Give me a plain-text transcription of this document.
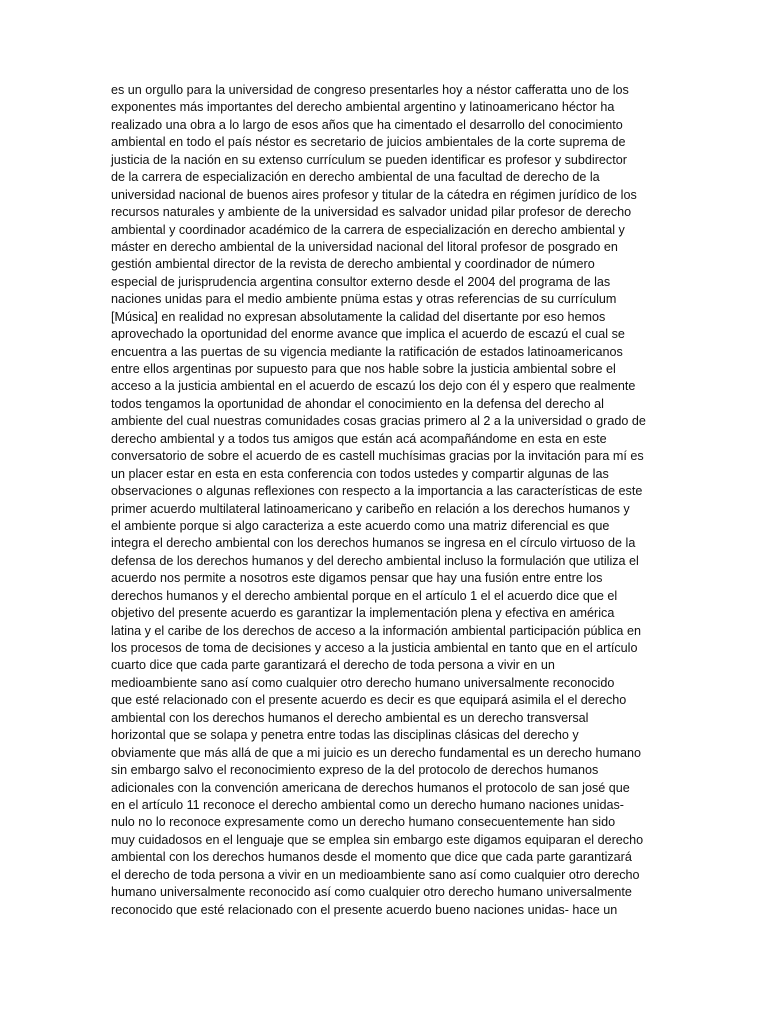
es un orgullo para la universidad de congreso presentarles hoy a néstor cafferatta uno de los
exponentes más importantes del derecho ambiental argentino y latinoamericano héctor ha
realizado una obra a lo largo de esos años que ha cimentado el desarrollo del conocimiento
ambiental en todo el país néstor es secretario de juicios ambientales de la corte suprema de
justicia de la nación en su extenso currículum se pueden identificar es profesor y subdirector
de la carrera de especialización en derecho ambiental de una facultad de derecho de la
universidad nacional de buenos aires profesor y titular de la cátedra en régimen jurídico de los
recursos naturales y ambiente de la universidad es salvador unidad pilar profesor de derecho
ambiental y coordinador académico de la carrera de especialización en derecho ambiental y
máster en derecho ambiental de la universidad nacional del litoral profesor de posgrado en
gestión ambiental director de la revista de derecho ambiental y coordinador de número
especial de jurisprudencia argentina consultor externo desde el 2004 del programa de las
naciones unidas para el medio ambiente pnüma estas y otras referencias de su currículum
[Música] en realidad no expresan absolutamente la calidad del disertante por eso hemos
aprovechado la oportunidad del enorme avance que implica el acuerdo de escazú el cual se
encuentra a las puertas de su vigencia mediante la ratificación de estados latinoamericanos
entre ellos argentinas por supuesto para que nos hable sobre la justicia ambiental sobre el
acceso a la justicia ambiental en el acuerdo de escazú los dejo con él y espero que realmente
todos tengamos la oportunidad de ahondar el conocimiento en la defensa del derecho al
ambiente del cual nuestras comunidades cosas gracias primero al 2 a la universidad o grado de
derecho ambiental y a todos tus amigos que están acá acompañándome en esta en este
conversatorio de sobre el acuerdo de es castell muchísimas gracias por la invitación para mí es
un placer estar en esta en esta conferencia con todos ustedes y compartir algunas de las
observaciones o algunas reflexiones con respecto a la importancia a las características de este
primer acuerdo multilateral latinoamericano y caribeño en relación a los derechos humanos y
el ambiente porque si algo caracteriza a este acuerdo como una matriz diferencial es que
integra el derecho ambiental con los derechos humanos se ingresa en el círculo virtuoso de la
defensa de los derechos humanos y del derecho ambiental incluso la formulación que utiliza el
acuerdo nos permite a nosotros este digamos pensar que hay una fusión entre entre los
derechos humanos y el derecho ambiental porque en el artículo 1 el el acuerdo dice que el
objetivo del presente acuerdo es garantizar la implementación plena y efectiva en américa
latina y el caribe de los derechos de acceso a la información ambiental participación pública en
los procesos de toma de decisiones y acceso a la justicia ambiental en tanto que en el artículo
cuarto dice que cada parte garantizará el derecho de toda persona a vivir en un
medioambiente sano así como cualquier otro derecho humano universalmente reconocido
que esté relacionado con el presente acuerdo es decir es que equipará asimila el el derecho
ambiental con los derechos humanos el derecho ambiental es un derecho transversal
horizontal que se solapa y penetra entre todas las disciplinas clásicas del derecho y
obviamente que más allá de que a mi juicio es un derecho fundamental es un derecho humano
sin embargo salvo el reconocimiento expreso de la del protocolo de derechos humanos
adicionales con la convención americana de derechos humanos el protocolo de san josé que
en el artículo 11 reconoce el derecho ambiental como un derecho humano naciones unidas-
nulo no lo reconoce expresamente como un derecho humano consecuentemente han sido
muy cuidadosos en el lenguaje que se emplea sin embargo este digamos equiparan el derecho
ambiental con los derechos humanos desde el momento que dice que cada parte garantizará
el derecho de toda persona a vivir en un medioambiente sano así como cualquier otro derecho
humano universalmente reconocido así como cualquier otro derecho humano universalmente
reconocido que esté relacionado con el presente acuerdo bueno naciones unidas- hace un
